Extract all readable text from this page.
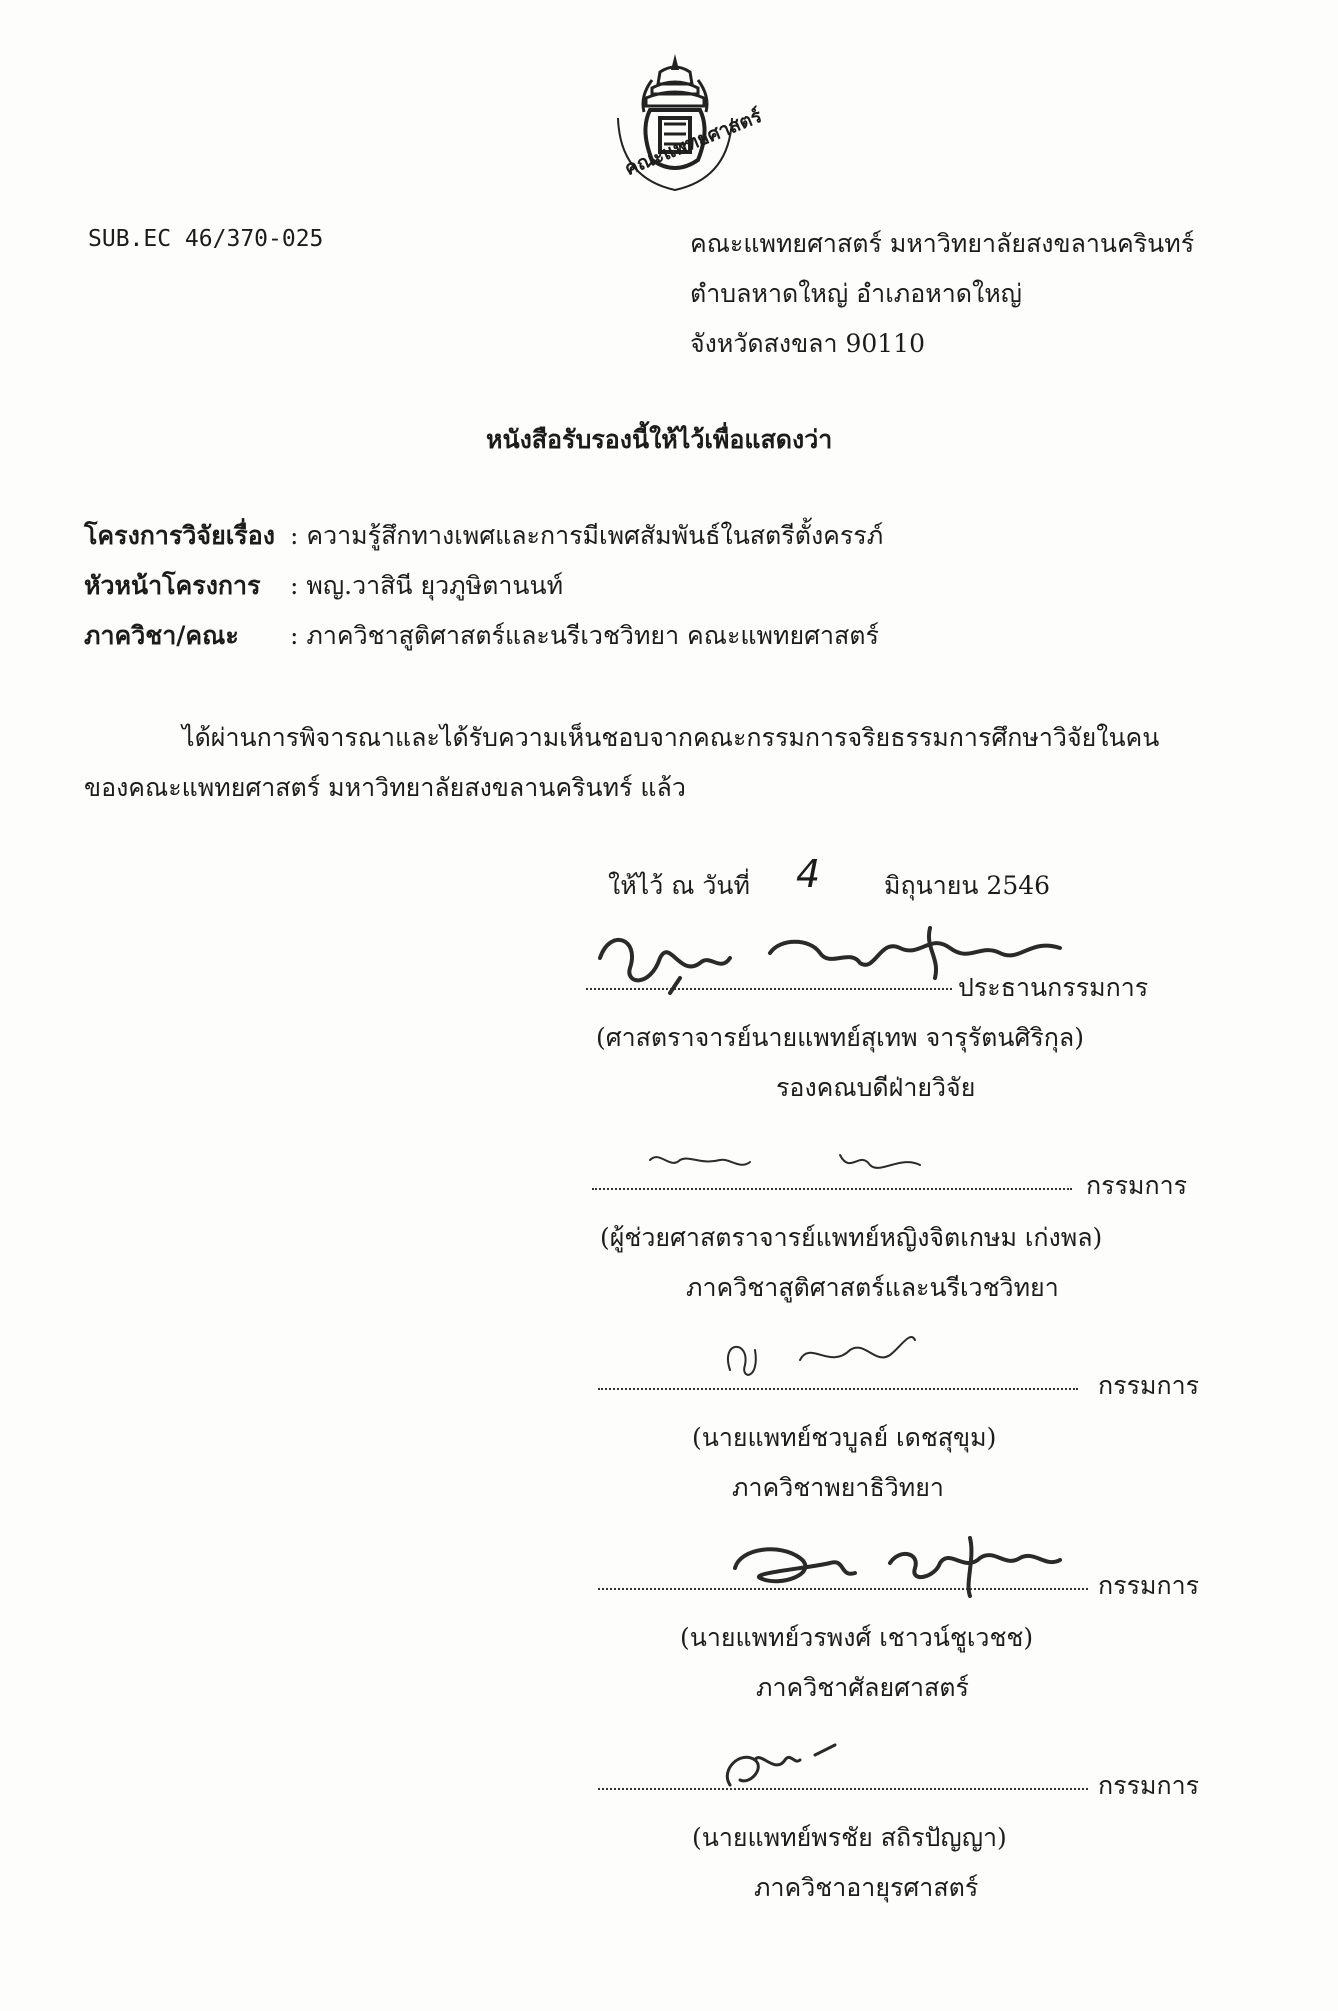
คณะแพทยศาสตร์
SUB.EC 46/370-025	คณะแพทยศาสตร์ มหาวิทยาลัยสงขลานครินทร์
ตำบลหาดใหญ่ อำเภอหาดใหญ่
จังหวัดสงขลา 90110
หนังสือรับรองนี้ให้ไว้เพื่อแสดงว่า
โครงการวิจัยเรื่อง : ความรู้สึกทางเพศและการมีเพศสัมพันธ์ในสตรีตั้งครรภ์
หัวหน้าโครงการ : พญ.วาสินี ยุวภูษิตานนท์
ภาควิชา/คณะ : ภาควิชาสูติศาสตร์และนรีเวชวิทยา คณะแพทยศาสตร์
ได้ผ่านการพิจารณาและได้รับความเห็นชอบจากคณะกรรมการจริยธรรมการศึกษาวิจัยในคน
ของคณะแพทยศาสตร์ มหาวิทยาลัยสงขลานครินทร์ แล้ว
ให้ไว้ ณ วันที่ 4	มิถุนายน 2546
ประธานกรรมการ
(ศาสตราจารย์นายแพทย์สุเทพ จารุรัตนศิริกุล)
รองคณบดีฝ่ายวิจัย
กรรมการ
(ผู้ช่วยศาสตราจารย์แพทย์หญิงจิตเกษม เก่งพล)
ภาควิชาสูติศาสตร์และนรีเวชวิทยา
กรรมการ
(นายแพทย์ชวบูลย์ เดชสุขุม)
ภาควิชาพยาธิวิทยา
กรรมการ
(นายแพทย์วรพงศ์ เชาวน์ชูเวชช)
ภาควิชาศัลยศาสตร์
กรรมการ
(นายแพทย์พรชัย สถิรปัญญา)
ภาควิชาอายุรศาสตร์
